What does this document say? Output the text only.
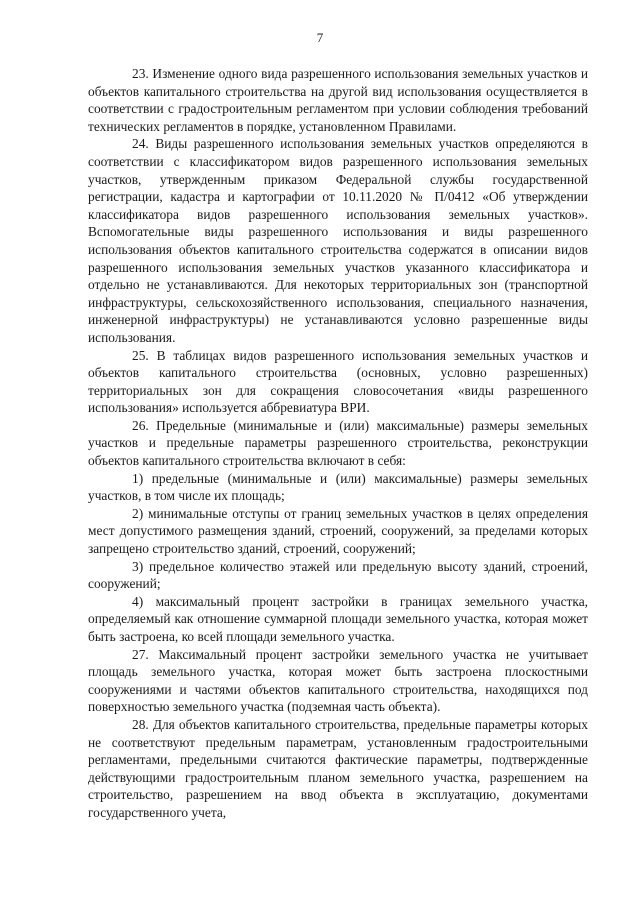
7

23. Изменение одного вида разрешенного использования земельных участков и объектов капитального строительства на другой вид использования осуществляется в соответствии с градостроительным регламентом при условии соблюдения требований технических регламентов в порядке, установленном Правилами.

24. Виды разрешенного использования земельных участков определяются в соответствии с классификатором видов разрешенного использования земельных участков, утвержденным приказом Федеральной службы государственной регистрации, кадастра и картографии от 10.11.2020 № П/0412 «Об утверждении классификатора видов разрешенного использования земельных участков». Вспомогательные виды разрешенного использования и виды разрешенного использования объектов капитального строительства содержатся в описании видов разрешенного использования земельных участков указанного классификатора и отдельно не устанавливаются. Для некоторых территориальных зон (транспортной инфраструктуры, сельскохозяйственного использования, специального назначения, инженерной инфраструктуры) не устанавливаются условно разрешенные виды использования.

25. В таблицах видов разрешенного использования земельных участков и объектов капитального строительства (основных, условно разрешенных) территориальных зон для сокращения словосочетания «виды разрешенного использования» используется аббревиатура ВРИ.

26. Предельные (минимальные и (или) максимальные) размеры земельных участков и предельные параметры разрешенного строительства, реконструкции объектов капитального строительства включают в себя:

1) предельные (минимальные и (или) максимальные) размеры земельных участков, в том числе их площадь;

2) минимальные отступы от границ земельных участков в целях определения мест допустимого размещения зданий, строений, сооружений, за пределами которых запрещено строительство зданий, строений, сооружений;

3) предельное количество этажей или предельную высоту зданий, строений, сооружений;

4) максимальный процент застройки в границах земельного участка, определяемый как отношение суммарной площади земельного участка, которая может быть застроена, ко всей площади земельного участка.

27. Максимальный процент застройки земельного участка не учитывает площадь земельного участка, которая может быть застроена плоскостными сооружениями и частями объектов капитального строительства, находящихся под поверхностью земельного участка (подземная часть объекта).

28. Для объектов капитального строительства, предельные параметры которых не соответствуют предельным параметрам, установленным градостроительными регламентами, предельными считаются фактические параметры, подтвержденные действующими градостроительным планом земельного участка, разрешением на строительство, разрешением на ввод объекта в эксплуатацию, документами государственного учета,
